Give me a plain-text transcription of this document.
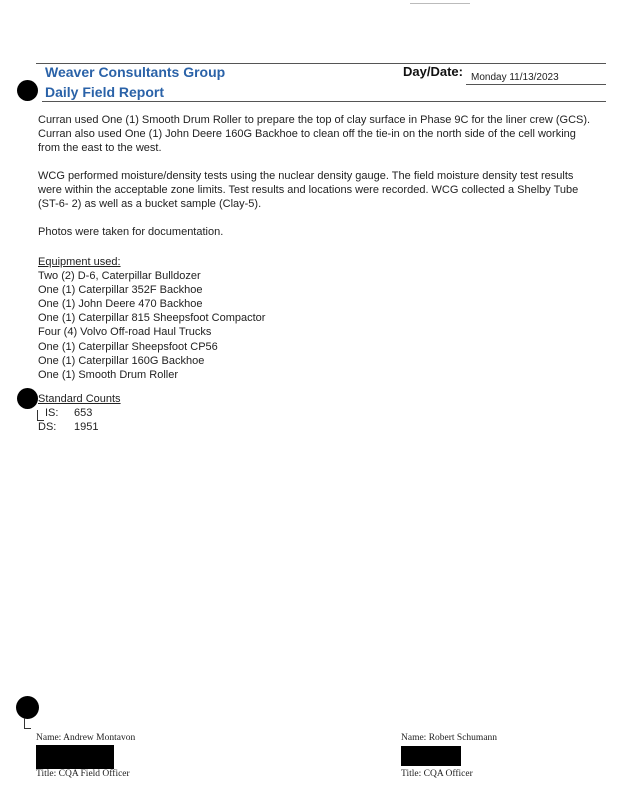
Weaver Consultants Group	Day/Date: Monday 11/13/2023
Daily Field Report
Curran used One (1) Smooth Drum Roller to prepare the top of clay surface in Phase 9C for the liner crew (GCS). Curran also used One (1) John Deere 160G Backhoe to clean off the tie-in on the north side of the cell working from the east to the west.
WCG performed moisture/density tests using the nuclear density gauge. The field moisture density test results were within the acceptable zone limits. Test results and locations were recorded. WCG collected a Shelby Tube (ST-6- 2) as well as a bucket sample (Clay-5).
Photos were taken for documentation.
Equipment used:
Two (2) D-6, Caterpillar Bulldozer
One (1) Caterpillar 352F Backhoe
One (1) John Deere 470 Backhoe
One (1) Caterpillar 815 Sheepsfoot Compactor
Four (4) Volvo Off-road Haul Trucks
One (1) Caterpillar Sheepsfoot CP56
One (1) Caterpillar 160G Backhoe
One (1) Smooth Drum Roller
Standard Counts
IS: 653
DS: 1951
Name: Andrew Montavon
Title: CQA Field Officer
Name: Robert Schumann
Title: CQA Officer
